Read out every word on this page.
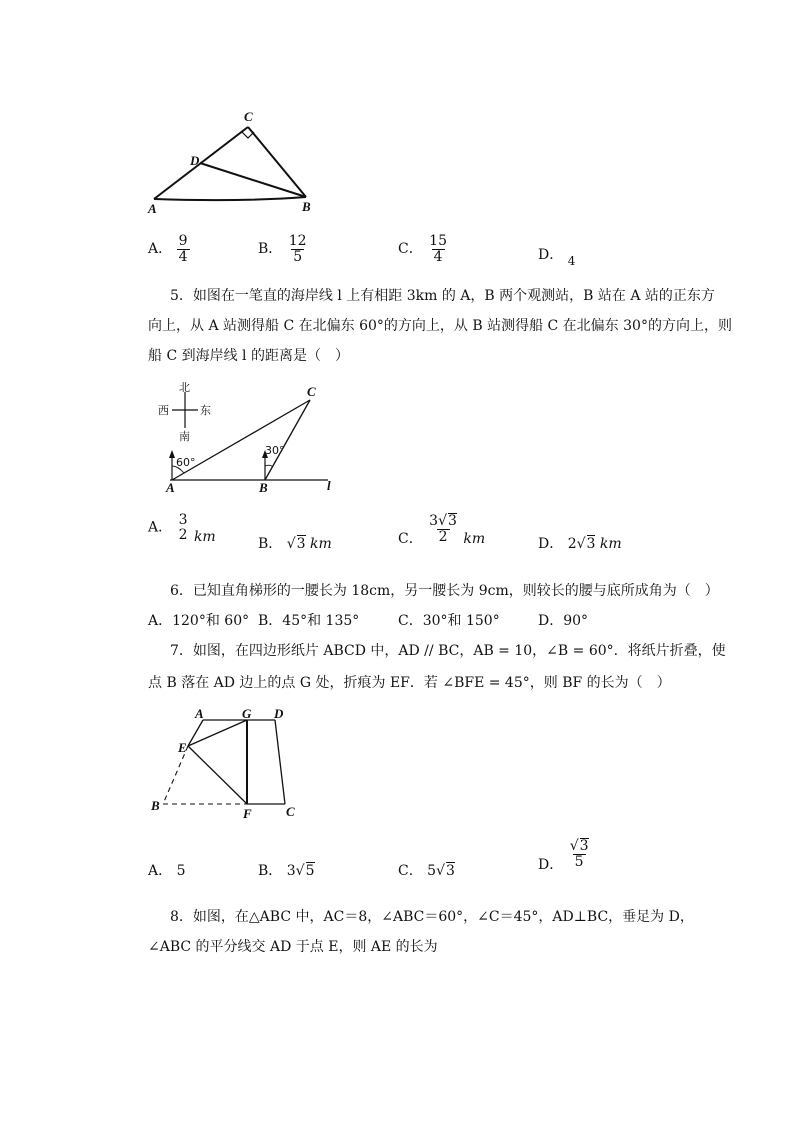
C
D
A	B
A． $\frac{9}{4}$	B． $\frac{12}{5}$	C． $\frac{15}{4}$	D． 4
5．如图在一笔直的海岸线 l 上有相距 3km 的 A，B 两个观测站，B 站在 A 站的正东方
向上，从 A 站测得船 C 在北偏东 60°的方向上，从 B 站测得船 C 在北偏东 30°的方向上，则
船 C 到海岸线 l 的距离是（　）
北
南
西	东
60°
30°
A	B
C
l
A． 3
2 km	B． √3 km	C． $\frac{3√3}{2}$ km	D． 2√3 km
6．已知直角梯形的一腰长为 18cm，另一腰长为 9cm，则较长的腰与底所成角为（　）
A．120°和 60° B．45°和 135°	C．30°和 150°	D．90°
7．如图，在四边形纸片 ABCD 中，AD // BC，AB = 10，∠B = 60°．将纸片折叠，使
点 B 落在 AD 边上的点 G 处，折痕为 EF．若 ∠BFE = 45°，则 BF 的长为（　）
A	G D
E
B
F	C
A． 5	B． 3√5	C． 5√3	D． $\frac{√3}{5}$
8．如图，在△ABC 中，AC＝8，∠ABC＝60°，∠C＝45°，AD⊥BC，垂足为 D，
∠ABC 的平分线交 AD 于点 E，则 AE 的长为
